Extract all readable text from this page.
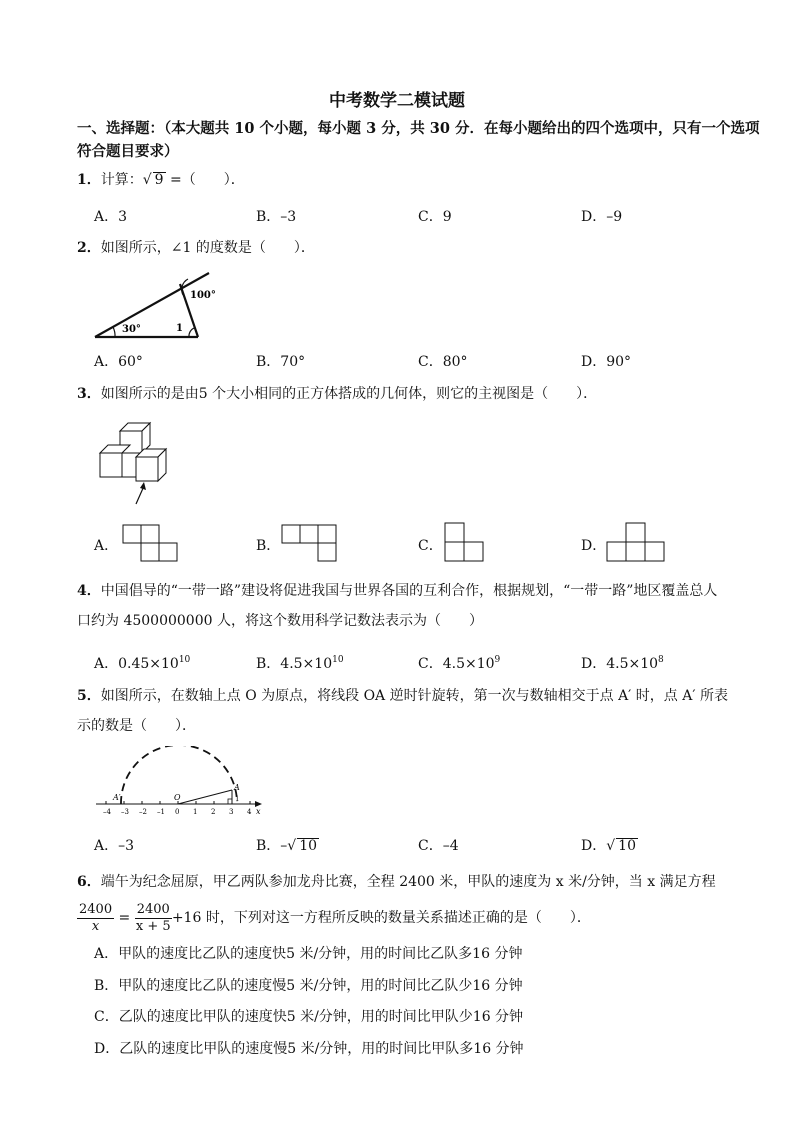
中考数学二模试题
一、选择题：（本大题共 10 个小题，每小题 3 分，共 30 分．在每小题给出的四个选项中，只有一个选项符合题目要求）
1．计算：√ 9 =（　　）．
A．3	B．–3	C．9	D．–9
2．如图所示，∠1 的度数是（　　）．
100°
30°	1
A．60°	B．70°	C．80°	D．90°
3．如图所示的是由5 个大小相同的正方体搭成的几何体，则它的主视图是（　　）．
A．	B．	C．	D．
4．中国倡导的“一带一路”建设将促进我国与世界各国的互利合作，根据规划，“一带一路”地区覆盖总人
口约为 4500000000 人，将这个数用科学记数法表示为（　　）
A．$0.45\times 10^{10}$	B．$4.5\times 10^{10}$	C．$4.5\times 10^9$	D．$4.5\times 10^8$
5．如图所示，在数轴上点 O 为原点，将线段 OA 逆时针旋转，第一次与数轴相交于点 A′ 时，点 A′ 所表
示的数是（　　）．
A′
A
O	1
x
–4 –3 –2 –1 0 1 2 3 4
A．–3	B．–√ 10	C．–4	D．√ 10
6．端午为纪念屈原，甲乙两队参加龙舟比赛，全程 2400 米，甲队的速度为 x 米/分钟，当 x 满足方程
$\frac{2400}{x} = \frac{2400}{x + 5} +16$ 时，下列对这一方程所反映的数量关系描述正确的是（　　）．
A．甲队的速度比乙队的速度快5 米/分钟，用的时间比乙队多16 分钟
B．甲队的速度比乙队的速度慢5 米/分钟，用的时间比乙队少16 分钟
C．乙队的速度比甲队的速度快5 米/分钟，用的时间比甲队少16 分钟
D．乙队的速度比甲队的速度慢5 米/分钟，用的时间比甲队多16 分钟
